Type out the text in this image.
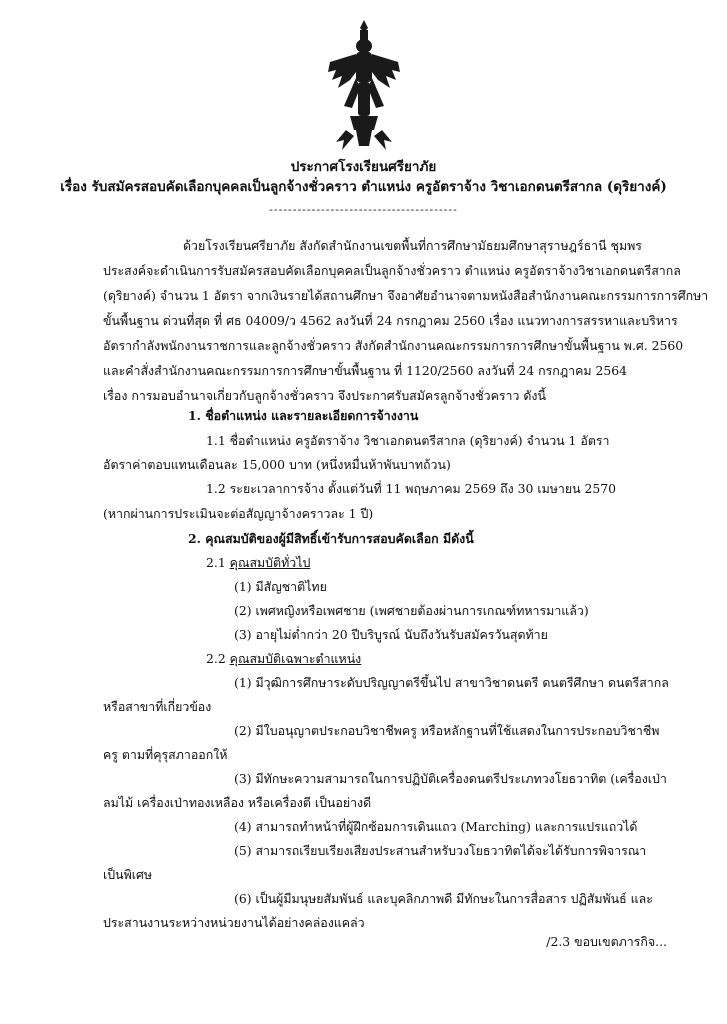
ประกาศโรงเรียนศรียาภัย
เรื่อง รับสมัครสอบคัดเลือกบุคคลเป็นลูกจ้างชั่วคราว ตำแหน่ง ครูอัตราจ้าง วิชาเอกดนตรีสากล (ดุริยางค์)
----------------------------------------
ด้วยโรงเรียนศรียาภัย สังกัดสำนักงานเขตพื้นที่การศึกษามัธยมศึกษาสุราษฎร์ธานี ชุมพร
ประสงค์จะดำเนินการรับสมัครสอบคัดเลือกบุคคลเป็นลูกจ้างชั่วคราว ตำแหน่ง ครูอัตราจ้างวิชาเอกดนตรีสากล
(ดุริยางค์) จำนวน 1 อัตรา จากเงินรายได้สถานศึกษา จึงอาศัยอำนาจตามหนังสือสำนักงานคณะกรรมการการศึกษา
ขั้นพื้นฐาน ด่วนที่สุด ที่ ศธ 04009/ว 4562 ลงวันที่ 24 กรกฎาคม 2560 เรื่อง แนวทางการสรรหาและบริหาร
อัตรากำลังพนักงานราชการและลูกจ้างชั่วคราว สังกัดสำนักงานคณะกรรมการการศึกษาขั้นพื้นฐาน พ.ศ. 2560
และคำสั่งสำนักงานคณะกรรมการการศึกษาขั้นพื้นฐาน ที่ 1120/2560 ลงวันที่ 24 กรกฎาคม 2564
เรื่อง การมอบอำนาจเกี่ยวกับลูกจ้างชั่วคราว จึงประกาศรับสมัครลูกจ้างชั่วคราว ดังนี้
1. ชื่อตำแหน่ง และรายละเอียดการจ้างงาน
1.1 ชื่อตำแหน่ง ครูอัตราจ้าง วิชาเอกดนตรีสากล (ดุริยางค์) จำนวน 1 อัตรา
อัตราค่าตอบแทนเดือนละ 15,000 บาท (หนึ่งหมื่นห้าพันบาทถ้วน)
1.2 ระยะเวลาการจ้าง ตั้งแต่วันที่ 11 พฤษภาคม 2569 ถึง 30 เมษายน 2570
(หากผ่านการประเมินจะต่อสัญญาจ้างคราวละ 1 ปี)
2. คุณสมบัติของผู้มีสิทธิ์เข้ารับการสอบคัดเลือก มีดังนี้
2.1 คุณสมบัติทั่วไป
(1) มีสัญชาติไทย
(2) เพศหญิงหรือเพศชาย (เพศชายต้องผ่านการเกณฑ์ทหารมาแล้ว)
(3) อายุไม่ต่ำกว่า 20 ปีบริบูรณ์ นับถึงวันรับสมัครวันสุดท้าย
2.2 คุณสมบัติเฉพาะตำแหน่ง
(1) มีวุฒิการศึกษาระดับปริญญาตรีขึ้นไป สาขาวิชาดนตรี ดนตรีศึกษา ดนตรีสากล
หรือสาขาที่เกี่ยวข้อง
(2) มีใบอนุญาตประกอบวิชาชีพครู หรือหลักฐานที่ใช้แสดงในการประกอบวิชาชีพ
ครู ตามที่คุรุสภาออกให้
(3) มีทักษะความสามารถในการปฏิบัติเครื่องดนตรีประเภทวงโยธวาทิต (เครื่องเป่า
ลมไม้ เครื่องเป่าทองเหลือง หรือเครื่องตี เป็นอย่างดี
(4) สามารถทำหน้าที่ผู้ฝึกซ้อมการเดินแถว (Marching) และการแปรแถวได้
(5) สามารถเรียบเรียงเสียงประสานสำหรับวงโยธวาทิตได้จะได้รับการพิจารณา
เป็นพิเศษ
(6) เป็นผู้มีมนุษยสัมพันธ์ และบุคลิกภาพดี มีทักษะในการสื่อสาร ปฏิสัมพันธ์ และ
ประสานงานระหว่างหน่วยงานได้อย่างคล่องแคล่ว
/2.3 ขอบเขตภารกิจ...
